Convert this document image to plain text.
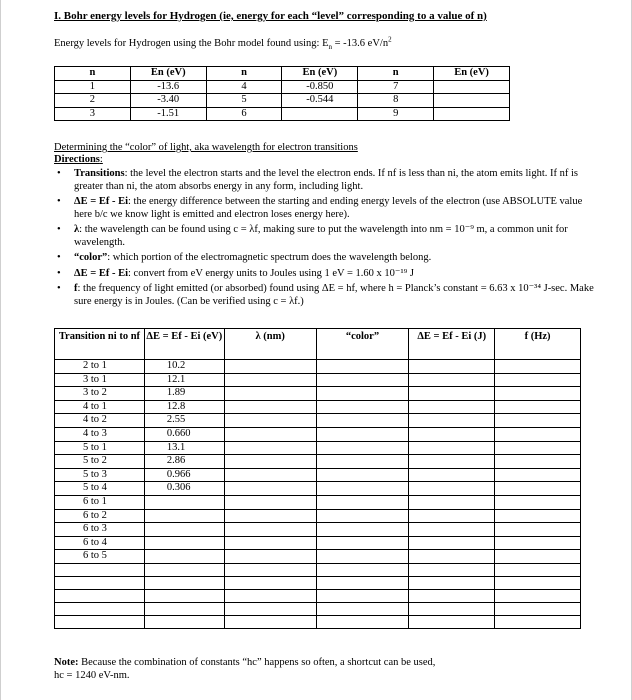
I. Bohr energy levels for Hydrogen (ie, energy for each “level” corresponding to a value of n)
Energy levels for Hydrogen using the Bohr model found using: $E_n = -13.6$ $eV/n^2$
n	En (eV)	n	En (eV)	n	En (eV)
1	-13.6	4	-0.850	7	
2	-3.40	5	-0.544	8	
3	-1.51	6		9	
Determining the “color” of light, aka wavelength for electron transitions
Directions:
• Transitions: the level the electron starts and the level the electron ends. If nf is less than ni, the atom emits light. If nf is greater than ni, the atom absorbs energy in any form, including light.
• ΔE = Ef - Ei: the energy difference between the starting and ending energy levels of the electron (use ABSOLUTE value here b/c we know light is emitted and electron loses energy here).
• λ: the wavelength can be found using c = λf, making sure to put the wavelength into nm = 10⁻⁹ m, a common unit for wavelength.
• “color”: which portion of the electromagnetic spectrum does the wavelength belong.
• ΔE = Ef - Ei: convert from eV energy units to Joules using 1 eV = 1.60 x 10⁻¹⁹ J
• f: the frequency of light emitted (or absorbed) found using ΔE = hf, where h = Planck’s constant = 6.63 x 10⁻³⁴ J-sec. Make sure energy is in Joules. (Can be verified using c = λf.)
Transition ni to nf	ΔE = Ef - Ei (eV)	λ (nm)	“color”	ΔE = Ef - Ei (J)	f (Hz)
2 to 1	10.2				
3 to 1	12.1				
3 to 2	1.89				
4 to 1	12.8				
4 to 2	2.55				
4 to 3	0.660				
5 to 1	13.1				
5 to 2	2.86				
5 to 3	0.966				
5 to 4	0.306				
6 to 1					
6 to 2					
6 to 3					
6 to 4					
6 to 5					

Note: Because the combination of constants “hc” happens so often, a shortcut can be used,
hc = 1240 eV-nm.
